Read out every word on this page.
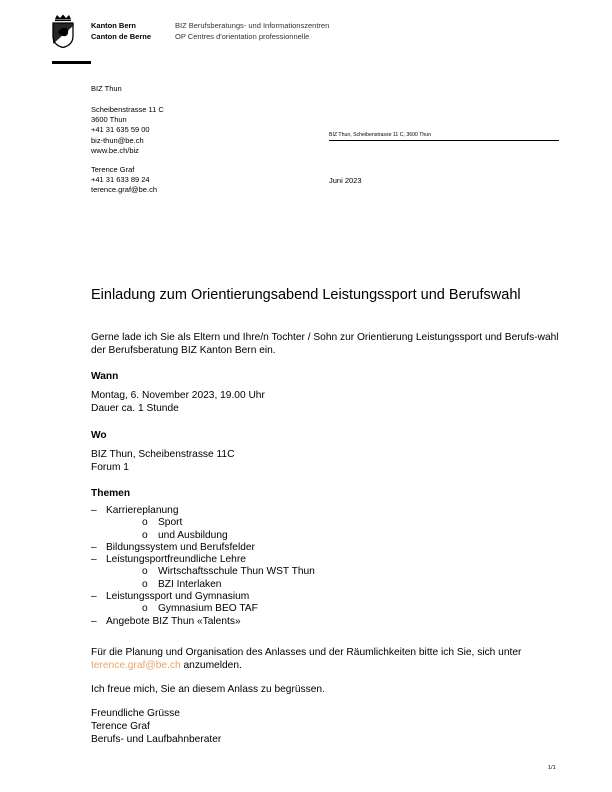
Kanton Bern
Canton de Berne
BIZ Berufsberatungs- und Informationszentren
OP Centres d'orientation professionnelle
BIZ Thun
Scheibenstrasse 11 C
3600 Thun
+41 31 635 59 00
biz-thun@be.ch
www.be.ch/biz
Terence Graf
+41 31 633 89 24
terence.graf@be.ch
BIZ Thun, Scheibenstrasse 11 C, 3600 Thun
Juni 2023
Einladung zum Orientierungsabend Leistungssport und Berufswahl
Gerne lade ich Sie als Eltern und Ihre/n Tochter / Sohn zur Orientierung Leistungssport und Berufs-wahl der Berufsberatung BIZ Kanton Bern ein.
Wann
Montag, 6. November 2023, 19.00 Uhr
Dauer ca. 1 Stunde
Wo
BIZ Thun, Scheibenstrasse 11C
Forum 1
Themen
– Karriereplanung
o Sport
o und Ausbildung
– Bildungssystem und Berufsfelder
– Leistungsportfreundliche Lehre
o Wirtschaftsschule Thun WST Thun
o BZI Interlaken
– Leistungssport und Gymnasium
o Gymnasium BEO TAF
– Angebote BIZ Thun «Talents»
Für die Planung und Organisation des Anlasses und der Räumlichkeiten bitte ich Sie, sich unter terence.graf@be.ch anzumelden.
Ich freue mich, Sie an diesem Anlass zu begrüssen.
Freundliche Grüsse
Terence Graf
Berufs- und Laufbahnberater
1/1
